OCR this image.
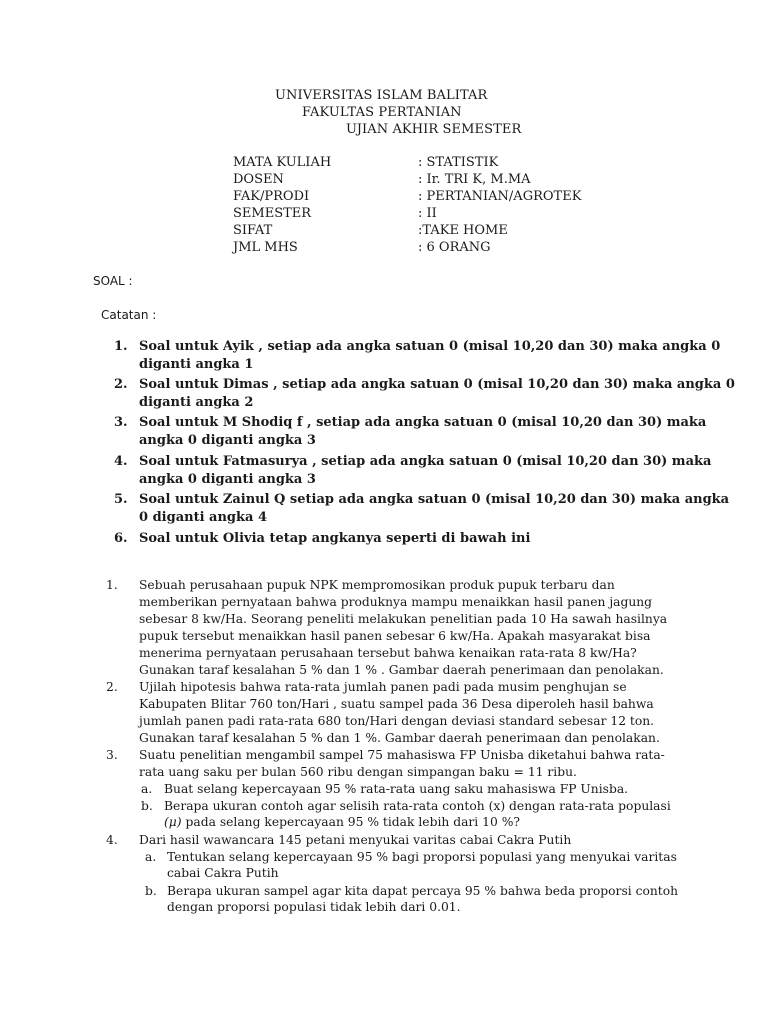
UNIVERSITAS ISLAM BALITAR
FAKULTAS PERTANIAN
UJIAN AKHIR SEMESTER
MATA KULIAH	: STATISTIK
DOSEN	: Ir. TRI K, M.MA
FAK/PRODI	: PERTANIAN/AGROTEK
SEMESTER	: II
SIFAT	:TAKE HOME
JML MHS	: 6 ORANG
SOAL :
Catatan :
1. Soal untuk Ayik , setiap ada angka satuan 0 (misal 10,20 dan 30) maka angka 0
diganti angka 1
2. Soal untuk Dimas , setiap ada angka satuan 0 (misal 10,20 dan 30) maka angka 0
diganti angka 2
3. Soal untuk M Shodiq f , setiap ada angka satuan 0 (misal 10,20 dan 30) maka
angka 0 diganti angka 3
4. Soal untuk Fatmasurya , setiap ada angka satuan 0 (misal 10,20 dan 30) maka
angka 0 diganti angka 3
5. Soal untuk Zainul Q setiap ada angka satuan 0 (misal 10,20 dan 30) maka angka
0 diganti angka 4
6. Soal untuk Olivia tetap angkanya seperti di bawah ini
1. Sebuah perusahaan pupuk NPK mempromosikan produk pupuk terbaru dan
memberikan pernyataan bahwa produknya mampu menaikkan hasil panen jagung
sebesar 8 kw/Ha. Seorang peneliti melakukan penelitian pada 10 Ha sawah hasilnya
pupuk tersebut menaikkan hasil panen sebesar 6 kw/Ha. Apakah masyarakat bisa
menerima pernyataan perusahaan tersebut bahwa kenaikan rata-rata 8 kw/Ha?
Gunakan taraf kesalahan 5 % dan 1 % . Gambar daerah penerimaan dan penolakan.
2. Ujilah hipotesis bahwa rata-rata jumlah panen padi pada musim penghujan se
Kabupaten Blitar 760 ton/Hari , suatu sampel pada 36 Desa diperoleh hasil bahwa
jumlah panen padi rata-rata 680 ton/Hari dengan deviasi standard sebesar 12 ton.
Gunakan taraf kesalahan 5 % dan 1 %. Gambar daerah penerimaan dan penolakan.
3. Suatu penelitian mengambil sampel 75 mahasiswa FP Unisba diketahui bahwa rata-
rata uang saku per bulan 560 ribu dengan simpangan baku = 11 ribu.
a. Buat selang kepercayaan 95 % rata-rata uang saku mahasiswa FP Unisba.
b. Berapa ukuran contoh agar selisih rata-rata contoh (x) dengan rata-rata populasi
(μ) pada selang kepercayaan 95 % tidak lebih dari 10 %?
4. Dari hasil wawancara 145 petani menyukai varitas cabai Cakra Putih
a. Tentukan selang kepercayaan 95 % bagi proporsi populasi yang menyukai varitas
cabai Cakra Putih
b. Berapa ukuran sampel agar kita dapat percaya 95 % bahwa beda proporsi contoh
dengan proporsi populasi tidak lebih dari 0.01.
